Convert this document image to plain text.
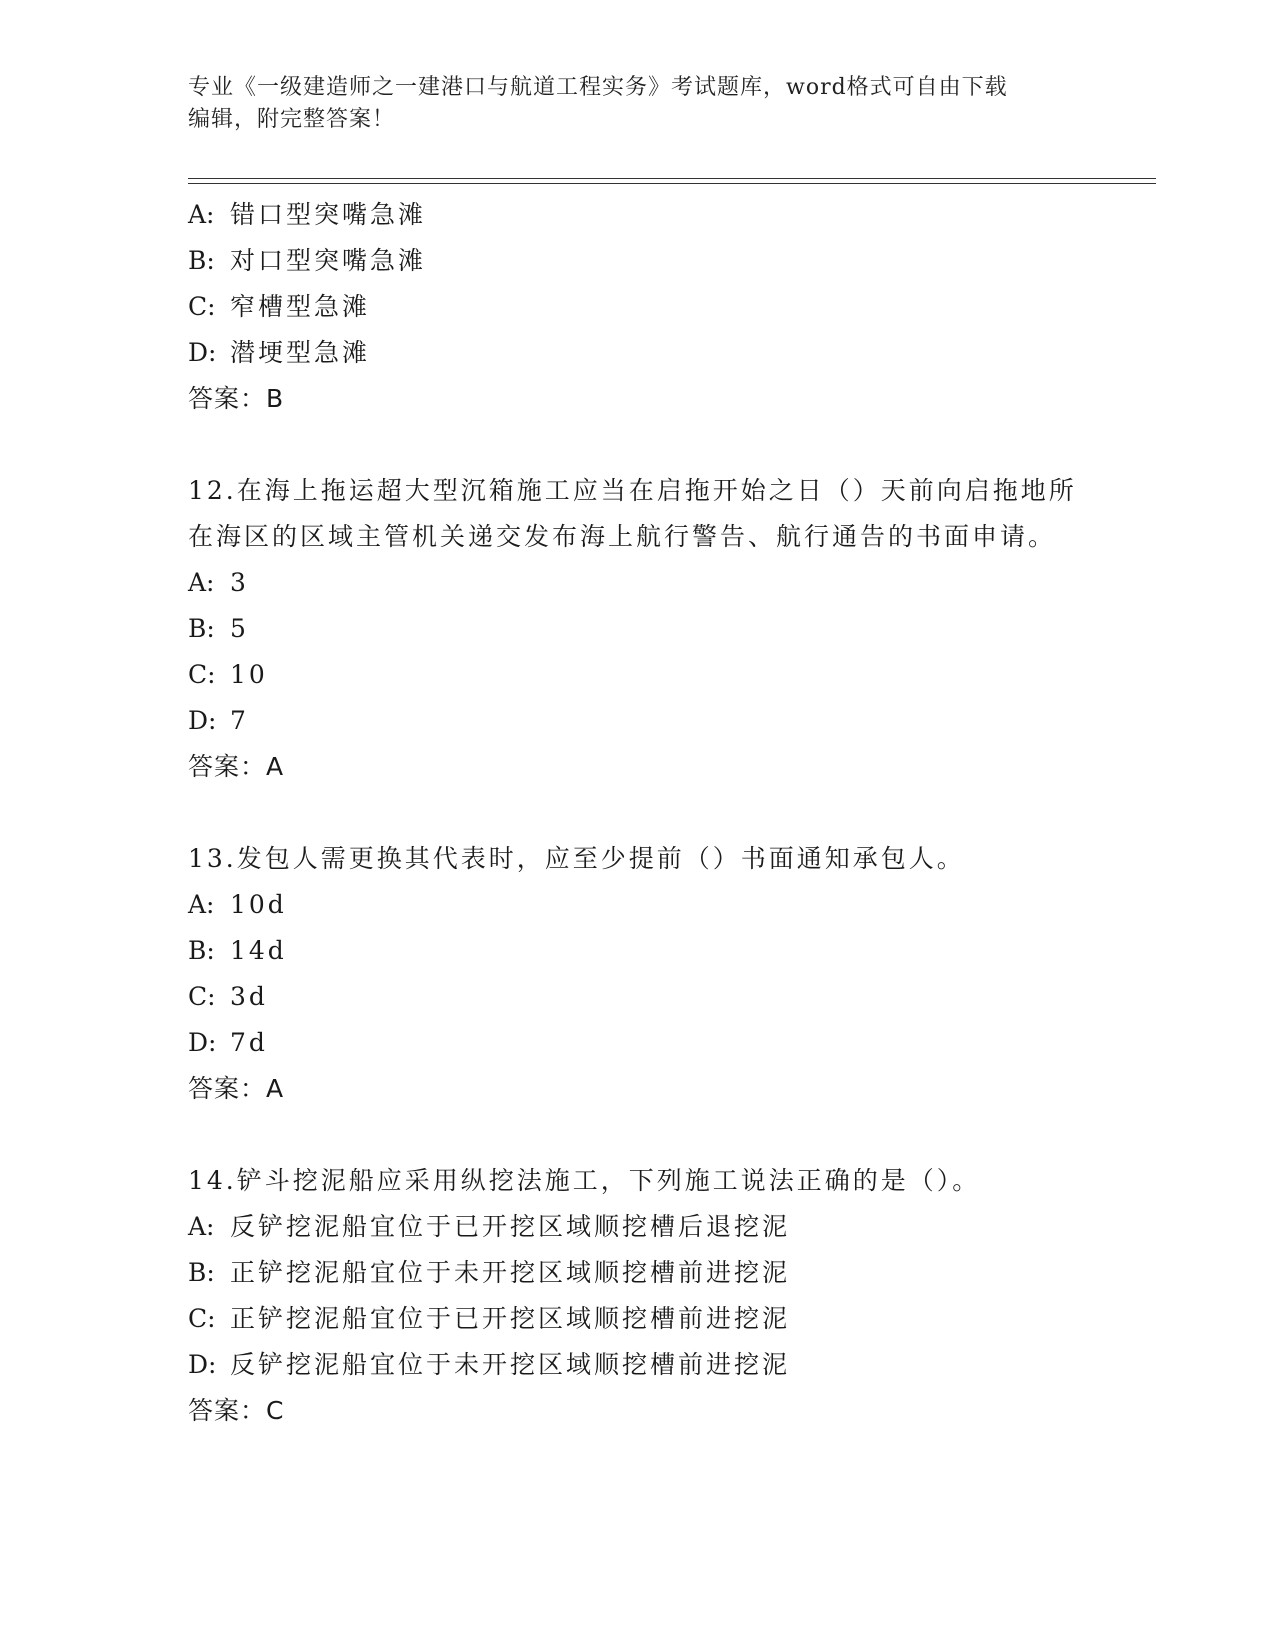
专业《一级建造师之一建港口与航道工程实务》考试题库，word格式可自由下载
编辑，附完整答案！
A: 错口型突嘴急滩
B: 对口型突嘴急滩
C: 窄槽型急滩
D: 潜埂型急滩
答案：B
12.在海上拖运超大型沉箱施工应当在启拖开始之日（）天前向启拖地所在海区的区域主管机关递交发布海上航行警告、航行通告的书面申请。
A: 3
B: 5
C: 10
D: 7
答案：A
13.发包人需更换其代表时，应至少提前（）书面通知承包人。
A: 10d
B: 14d
C: 3d
D: 7d
答案：A
14.铲斗挖泥船应采用纵挖法施工，下列施工说法正确的是（）。
A: 反铲挖泥船宜位于已开挖区域顺挖槽后退挖泥
B: 正铲挖泥船宜位于未开挖区域顺挖槽前进挖泥
C: 正铲挖泥船宜位于已开挖区域顺挖槽前进挖泥
D: 反铲挖泥船宜位于未开挖区域顺挖槽前进挖泥
答案：C
